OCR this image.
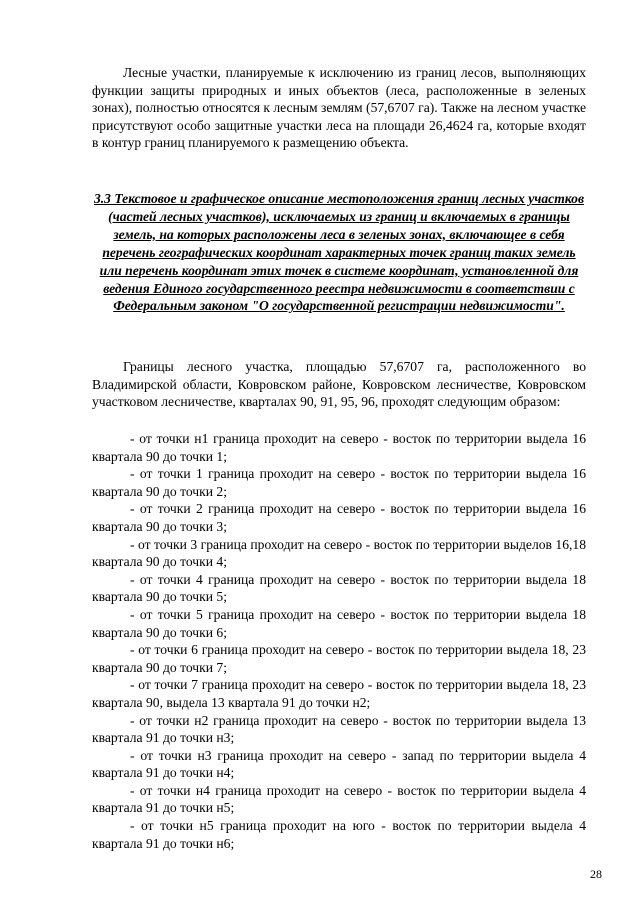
Лесные участки, планируемые к исключению из границ лесов, выполняющих функции защиты природных и иных объектов (леса, расположенные в зеленых зонах), полностью относятся к лесным землям (57,6707 га). Также на лесном участке присутствуют особо защитные участки леса на площади 26,4624 га, которые входят в контур границ планируемого к размещению объекта.

3.3 Текстовое и графическое описание местоположения границ лесных участков (частей лесных участков), исключаемых из границ и включаемых в границы земель, на которых расположены леса в зеленых зонах, включающее в себя перечень географических координат характерных точек границ таких земель или перечень координат этих точек в системе координат, установленной для ведения Единого государственного реестра недвижимости в соответствии с Федеральным законом "О государственной регистрации недвижимости".

Границы лесного участка, площадью 57,6707 га, расположенного во Владимирской области, Ковровском районе, Ковровском лесничестве, Ковровском участковом лесничестве, кварталах 90, 91, 95, 96, проходят следующим образом:

- от точки н1 граница проходит на северо - восток по территории выдела 16 квартала 90 до точки 1;
- от точки 1 граница проходит на северо - восток по территории выдела 16 квартала 90 до точки 2;
- от точки 2 граница проходит на северо - восток по территории выдела 16 квартала 90 до точки 3;
- от точки 3 граница проходит на северо - восток по территории выделов 16,18 квартала 90 до точки 4;
- от точки 4 граница проходит на северо - восток по территории выдела 18 квартала 90 до точки 5;
- от точки 5 граница проходит на северо - восток по территории выдела 18 квартала 90 до точки 6;
- от точки 6 граница проходит на северо - восток по территории выдела 18, 23 квартала 90 до точки 7;
- от точки 7 граница проходит на северо - восток по территории выдела 18, 23 квартала 90, выдела 13 квартала 91 до точки н2;
- от точки н2 граница проходит на северо - восток по территории выдела 13 квартала 91 до точки н3;
- от точки н3 граница проходит на северо - запад по территории выдела 4 квартала 91 до точки н4;
- от точки н4 граница проходит на северо - восток по территории выдела 4 квартала 91 до точки н5;
- от точки н5 граница проходит на юго - восток по территории выдела 4 квартала 91 до точки н6;
28
